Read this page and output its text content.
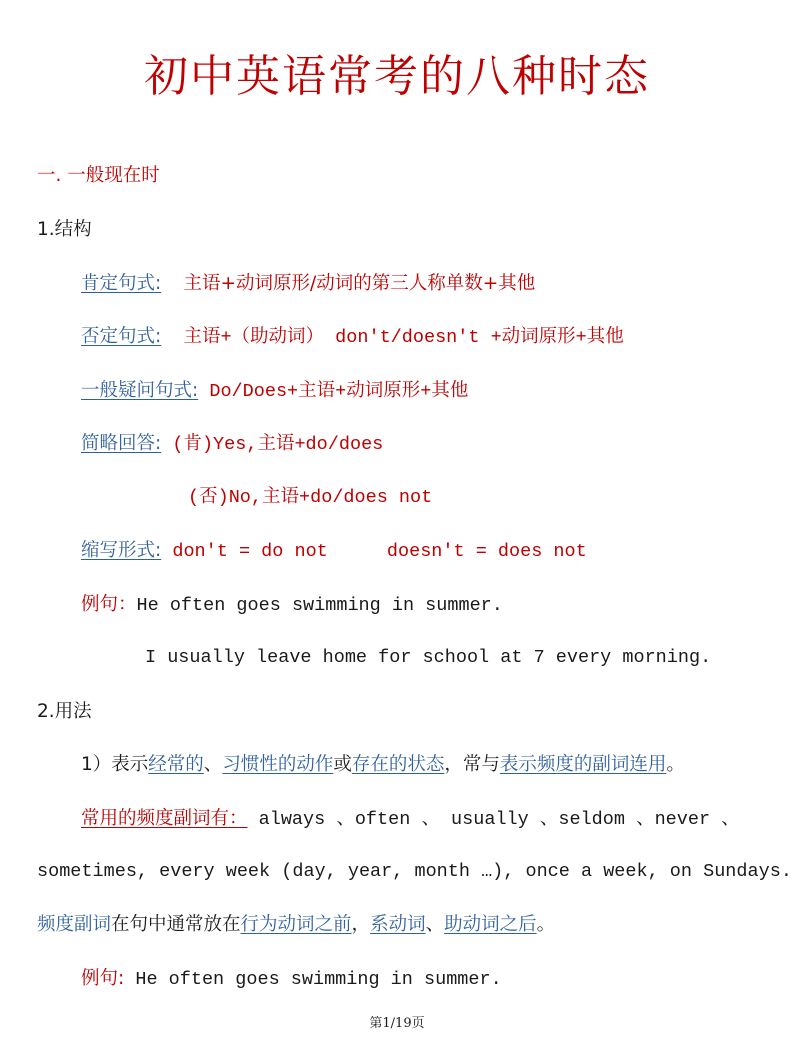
初中英语常考的八种时态
一. 一般现在时
1.结构
肯定句式: 主语+动词原形/动词的第三人称单数+其他
否定句式: 主语+（助动词） don't/doesn't +动词原形+其他
一般疑问句式: Do/Does+主语+动词原形+其他
简略回答: (肯)Yes,主语+do/does
(否)No,主语+do/does not
缩写形式: don't = do not	doesn't = does not
例句：He often goes swimming in summer.
I usually leave home for school at 7 every morning.
2.用法
1）表示经常的、习惯性的动作或存在的状态，常与表示频度的副词连用。
常用的频度副词有： always 、often 、 usually 、seldom 、never 、
sometimes, every week (day, year, month …), once a week, on Sundays.
频度副词在句中通常放在行为动词之前，系动词、助动词之后。
例句: He often goes swimming in summer.
第1/19页
